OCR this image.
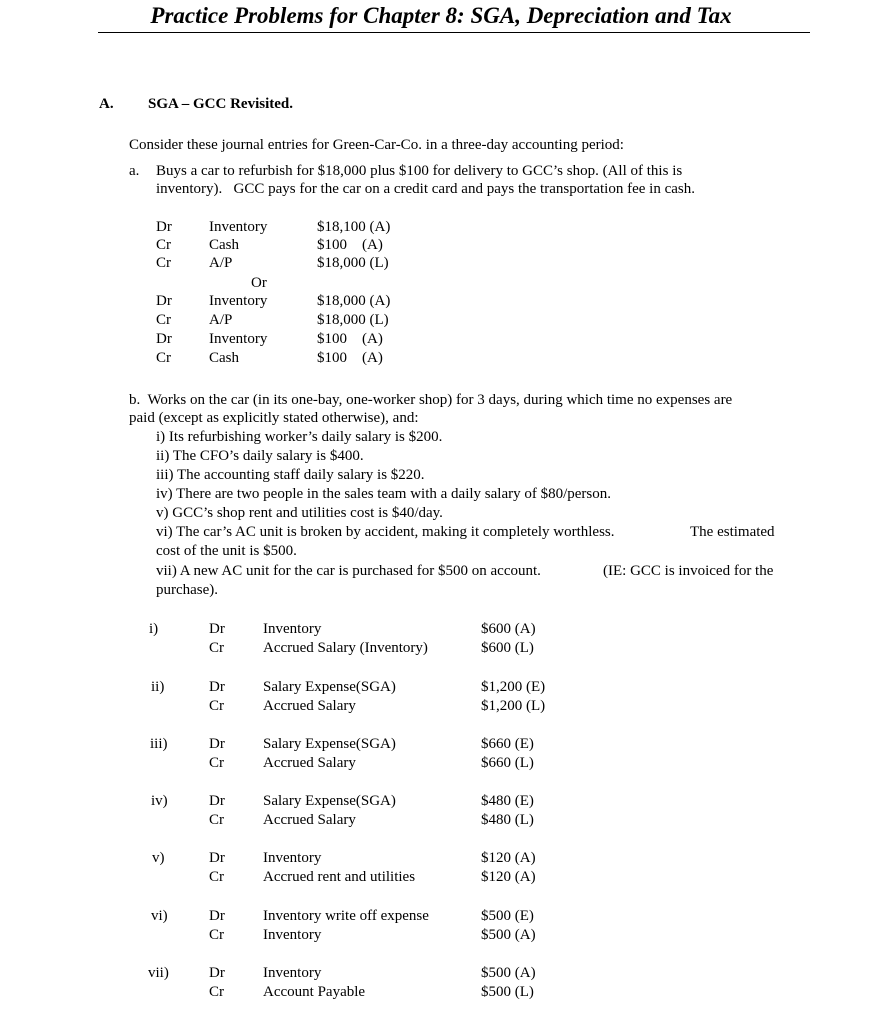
Practice Problems for Chapter 8: SGA, Depreciation and Tax
A. SGA – GCC Revisited.
Consider these journal entries for Green-Car-Co. in a three-day accounting period:
a. Buys a car to refurbish for $18,000 plus $100 for delivery to GCC’s shop. (All of this is
inventory).   GCC pays for the car on a credit card and pays the transportation fee in cash.
Dr Inventory	$18,100 (A)
Cr	Cash	$100    (A)
Cr	A/P	$18,000 (L)
Or
Dr Inventory	$18,000 (A)
Cr	A/P	$18,000 (L)
Dr Inventory	$100    (A)
Cr	Cash	$100    (A)
b.  Works on the car (in its one-bay, one-worker shop) for 3 days, during which time no expenses are
paid (except as explicitly stated otherwise), and:
i) Its refurbishing worker’s daily salary is $200.
ii) The CFO’s daily salary is $400.
iii) The accounting staff daily salary is $220.
iv) There are two people in the sales team with a daily salary of $80/person.
v) GCC’s shop rent and utilities cost is $40/day.
vi) The car’s AC unit is broken by accident, making it completely worthless.	The estimated
cost of the unit is $500.
vii) A new AC unit for the car is purchased for $500 on account.	(IE: GCC is invoiced for the
purchase).
i)	Dr	Inventory	$600 (A)
Cr	Accrued Salary (Inventory)	$600 (L)
ii)	Dr	Salary Expense(SGA)	$1,200 (E)
Cr	Accrued Salary	$1,200 (L)
iii)	Dr	Salary Expense(SGA)	$660 (E)
Cr	Accrued Salary	$660 (L)
iv)	Dr	Salary Expense(SGA)	$480 (E)
Cr	Accrued Salary	$480 (L)
v)	Dr	Inventory	$120 (A)
Cr	Accrued rent and utilities	$120 (A)
vi)	Dr	Inventory write off expense	$500 (E)
Cr	Inventory	$500 (A)
vii)	Dr	Inventory	$500 (A)
Cr	Account Payable	$500 (L)
